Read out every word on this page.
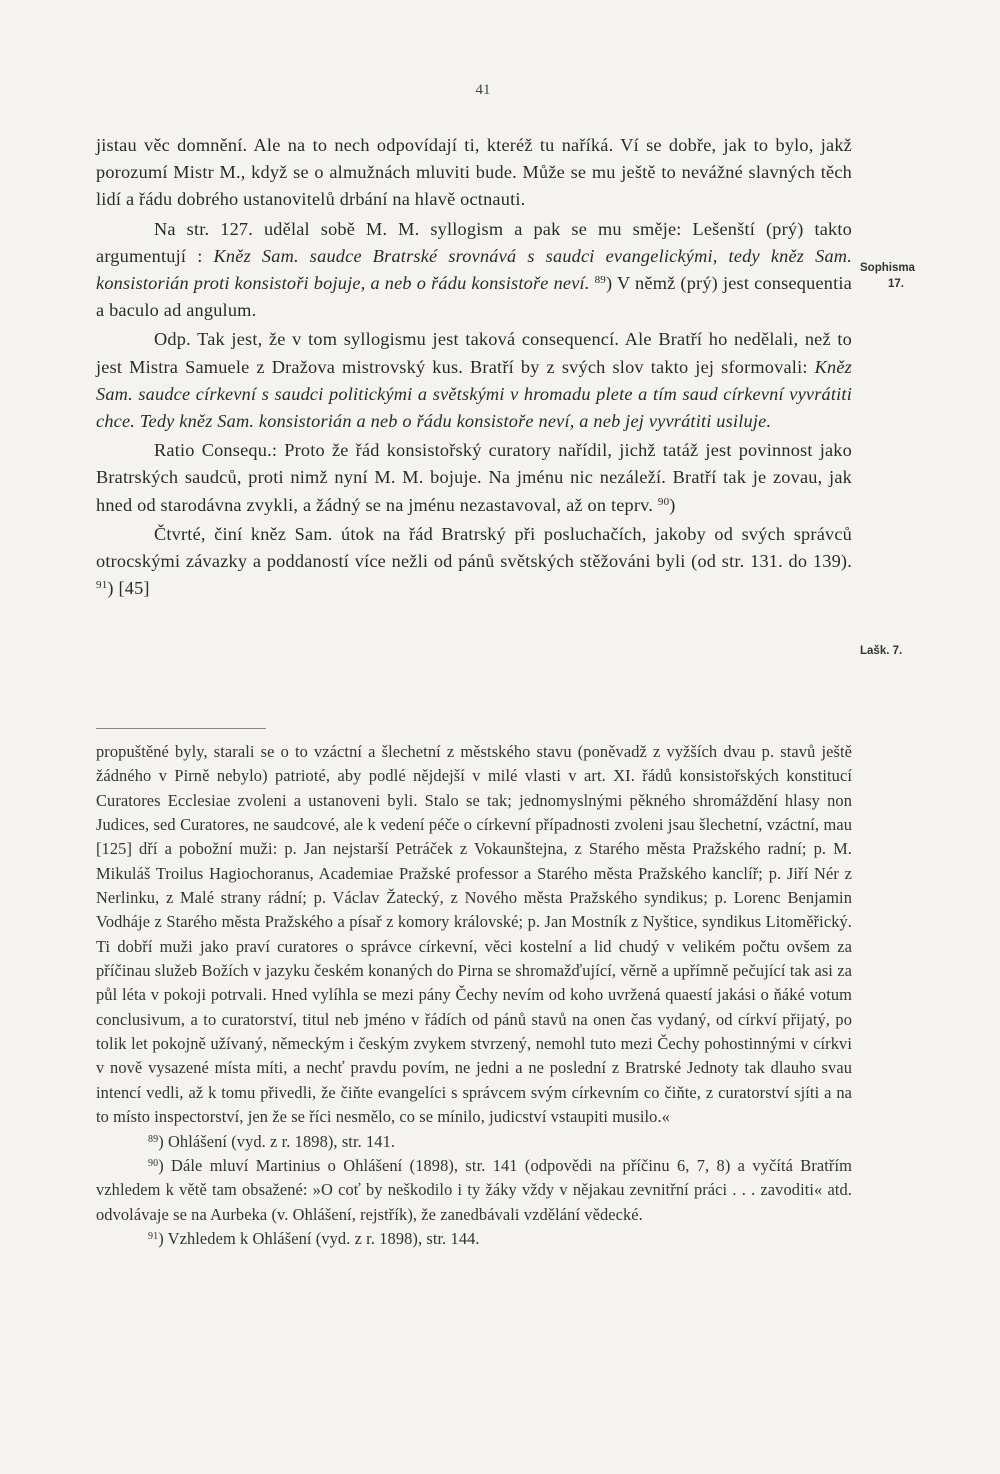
41

jistau věc domnění. Ale na to nech odpovídají ti, kteréž tu naříká. Ví se dobře, jak to bylo, jakž porozumí Mistr M., když se o almužnách mluviti bude. Může se mu ještě to nevážné slavných těch lidí a řádu dobrého ustanovitelů drbání na hlavě octnauti.

Na str. 127. udělal sobě M. M. syllogism a pak se mu směje: Lešenští (prý) takto argumentují : Kněz Sam. saudce Bratrské srovnává s saudci evangelickými, tedy kněz Sam. konsistorián proti konsistoři bojuje, a neb o řádu konsistoře neví. $^{89}$) V němž (prý) jest consequentia a baculo ad angulum.

Odp. Tak jest, že v tom syllogismu jest taková consequencí. Ale Bratří ho nedělali, než to jest Mistra Samuele z Dražova mistrovský kus. Bratří by z svých slov takto jej sformovali: Kněz Sam. saudce církevní s saudci politickými a světskými v hromadu plete a tím saud církevní vyvrátiti chce. Tedy kněz Sam. konsistorián a neb o řádu konsistoře neví, a neb jej vyvrátiti usiluje.

Ratio Consequ.: Proto že řád konsistořský curatory nařídil, jichž tatáž jest povinnost jako Bratrských saudců, proti nimž nyní M. M. bojuje. Na jménu nic nezáleží. Bratří tak je zovau, jak hned od starodávna zvykli, a žádný se na jménu nezastavoval, až on teprv. $^{90}$)

Čtvrté, činí kněz Sam. útok na řád Bratrský při posluchačích, jakoby od svých správců otrocskými závazky a poddaností více nežli od pánů světských stěžováni byli (od str. 131. do 139). $^{91}$) [45]

Sophisma
17.
Lašk. 7.

propuštěné byly, starali se o to vzáctní a šlechetní z městského stavu (poněvadž z vyžších dvau p. stavů ještě žádného v Pirně nebylo) patrioté, aby podlé nějdejší v milé vlasti v art. XI. řádů konsistořských konstitucí Curatores Ecclesiae zvoleni a ustanoveni byli. Stalo se tak; jednomyslnými pěkného shromáždění hlasy non Judices, sed Curatores, ne saudcové, ale k vedení péče o církevní případnosti zvoleni jsau šlechetní, vzáctní, mau [125] dří a pobožní muži: p. Jan nejstarší Petráček z Vokaunštejna, z Starého města Pražského radní; p. M. Mikuláš Troilus Hagiochoranus, Academiae Pražské professor a Starého města Pražského kanclíř; p. Jiří Nér z Nerlinku, z Malé strany rádní; p. Václav Žatecký, z Nového města Pražského syndikus; p. Lorenc Benjamin Vodháje z Starého města Pražského a písař z komory královské; p. Jan Mostník z Nyštice, syndikus Litoměřický. Ti dobří muži jako praví curatores o správce církevní, věci kostelní a lid chudý v velikém počtu ovšem za příčinau služeb Božích v jazyku českém konaných do Pirna se shromažďující, věrně a upřímně pečující tak asi za půl léta v pokoji potrvali. Hned vylíhla se mezi pány Čechy nevím od koho uvržená quaestí jakási o ňáké votum conclusivum, a to curatorství, titul neb jméno v řádích od pánů stavů na onen čas vydaný, od církví přijatý, po tolik let pokojně užívaný, německým i českým zvykem stvrzený, nemohl tuto mezi Čechy pohostinnými v církvi v nově vysazené místa míti, a nechť pravdu povím, ne jedni a ne poslední z Bratrské Jednoty tak dlauho svau intencí vedli, až k tomu přivedli, že čiňte evangelíci s správcem svým církevním co čiňte, z curatorství sjíti a na to místo inspectorství, jen že se říci nesmělo, co se mínilo, judicství vstaupiti musilo.«

$^{89}$) Ohlášení (vyd. z r. 1898), str. 141.

$^{90}$) Dále mluví Martinius o Ohlášení (1898), str. 141 (odpovědi na příčinu 6, 7, 8) a vyčítá Bratřím vzhledem k větě tam obsažené: »O coť by neškodilo i ty žáky vždy v nějakau zevnitřní práci . . . zavoditi« atd. odvolávaje se na Aurbeka (v. Ohlášení, rejstřík), že zanedbávali vzdělání vědecké.

$^{91}$) Vzhledem k Ohlášení (vyd. z r. 1898), str. 144.
